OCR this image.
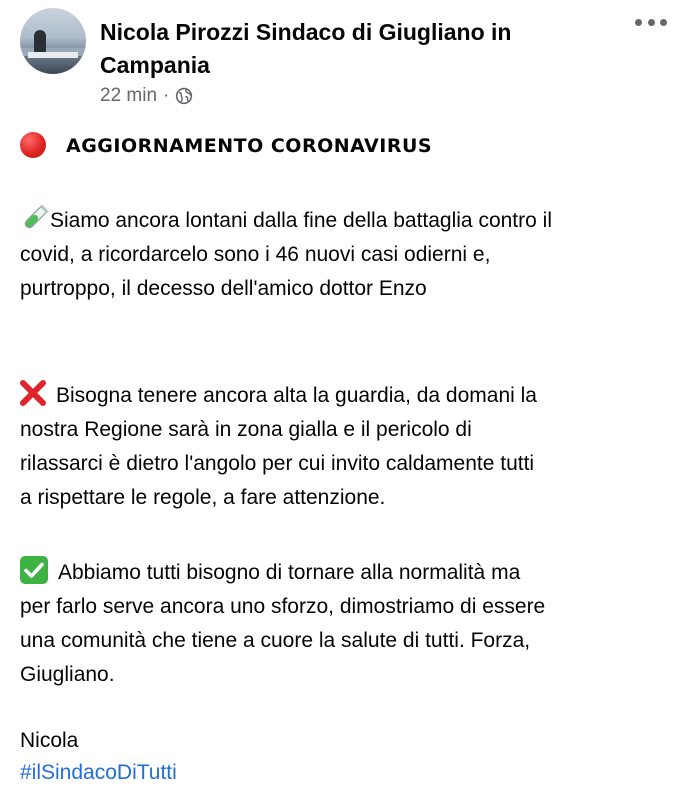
Nicola Pirozzi Sindaco di Giugliano in
Campania
22 min ·
AGGIORNAMENTO CORONAVIRUS
Siamo ancora lontani dalla fine della battaglia contro il
covid, a ricordarcelo sono i 46 nuovi casi odierni e,
purtroppo, il decesso dell'amico dottor Enzo
Bisogna tenere ancora alta la guardia, da domani la
nostra Regione sarà in zona gialla e il pericolo di
rilassarci è dietro l'angolo per cui invito caldamente tutti
a rispettare le regole, a fare attenzione.
Abbiamo tutti bisogno di tornare alla normalità ma
per farlo serve ancora uno sforzo, dimostriamo di essere
una comunità che tiene a cuore la salute di tutti. Forza,
Giugliano.
Nicola
#ilSindacoDiTutti
